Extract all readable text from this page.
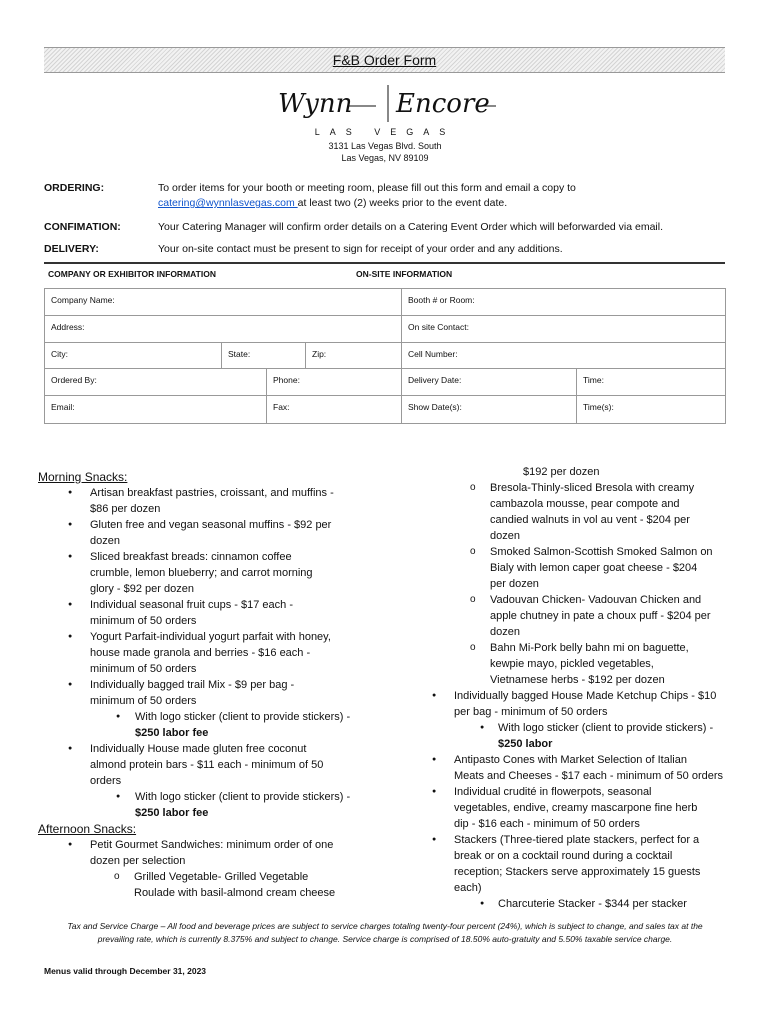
F&B Order Form
Wynn Encore
LAS VEGAS
3131 Las Vegas Blvd. South
Las Vegas, NV 89109
ORDERING:	To order items for your booth or meeting room, please fill out this form and email a copy to
catering@wynnlasvegas.com at least two (2) weeks prior to the event date.
CONFIMATION:	Your Catering Manager will confirm order details on a Catering Event Order which will beforwarded via email.
DELIVERY:	Your on-site contact must be present to sign for receipt of your order and any additions.
COMPANY OR EXHIBITOR INFORMATION	ON-SITE INFORMATION
Company Name:	Booth # or Room:
Address:	On site Contact:
City:	State:	Zip:	Cell Number:
Ordered By:	Phone:	Delivery Date:	Time:
Email:	Fax:	Show Date(s):	Time(s):

Morning Snacks:

● Artisan breakfast pastries, croissant, and muffins -
$86 per dozen
● Gluten free and vegan seasonal muffins - $92 per
dozen
● Sliced breakfast breads: cinnamon coffee
crumble, lemon blueberry; and carrot morning
glory - $92 per dozen
● Individual seasonal fruit cups - $17 each -
minimum of 50 orders
● Yogurt Parfait-individual yogurt parfait with honey,
house made granola and berries - $16 each -
minimum of 50 orders
● Individually bagged trail Mix - $9 per bag -
minimum of 50 orders
● With logo sticker (client to provide stickers) -
$250 labor fee
● Individually House made gluten free coconut
almond protein bars - $11 each - minimum of 50
orders
● With logo sticker (client to provide stickers) -
$250 labor fee

Afternoon Snacks:

● Petit Gourmet Sandwiches: minimum order of one
dozen per selection
o Grilled Vegetable- Grilled Vegetable
Roulade with basil-almond cream cheese
$192 per dozen
o Bresola-Thinly-sliced Bresola with creamy
cambazola mousse, pear compote and
candied walnuts in vol au vent - $204 per
dozen
o Smoked Salmon-Scottish Smoked Salmon on
Bialy with lemon caper goat cheese - $204
per dozen
o Vadouvan Chicken- Vadouvan Chicken and
apple chutney in pate a choux puff - $204 per
dozen
o Bahn Mi-Pork belly bahn mi on baguette,
kewpie mayo, pickled vegetables,
Vietnamese herbs - $192 per dozen
● Individually bagged House Made Ketchup Chips - $10
per bag - minimum of 50 orders
● With logo sticker (client to provide stickers) -
$250 labor
● Antipasto Cones with Market Selection of Italian
Meats and Cheeses - $17 each - minimum of 50 orders
● Individual crudité in flowerpots, seasonal
vegetables, endive, creamy mascarpone fine herb
dip - $16 each - minimum of 50 orders
● Stackers (Three-tiered plate stackers, perfect for a
break or on a cocktail round during a cocktail
reception; Stackers serve approximately 15 guests
each)
● Charcuterie Stacker - $344 per stacker
Tax and Service Charge – All food and beverage prices are subject to service charges totaling twenty-four percent (24%), which is subject to change, and sales tax at the
prevailing rate, which is currently 8.375% and subject to change. Service charge is comprised of 18.50% auto-gratuity and 5.50% taxable service charge.
Menus valid through December 31, 2023
